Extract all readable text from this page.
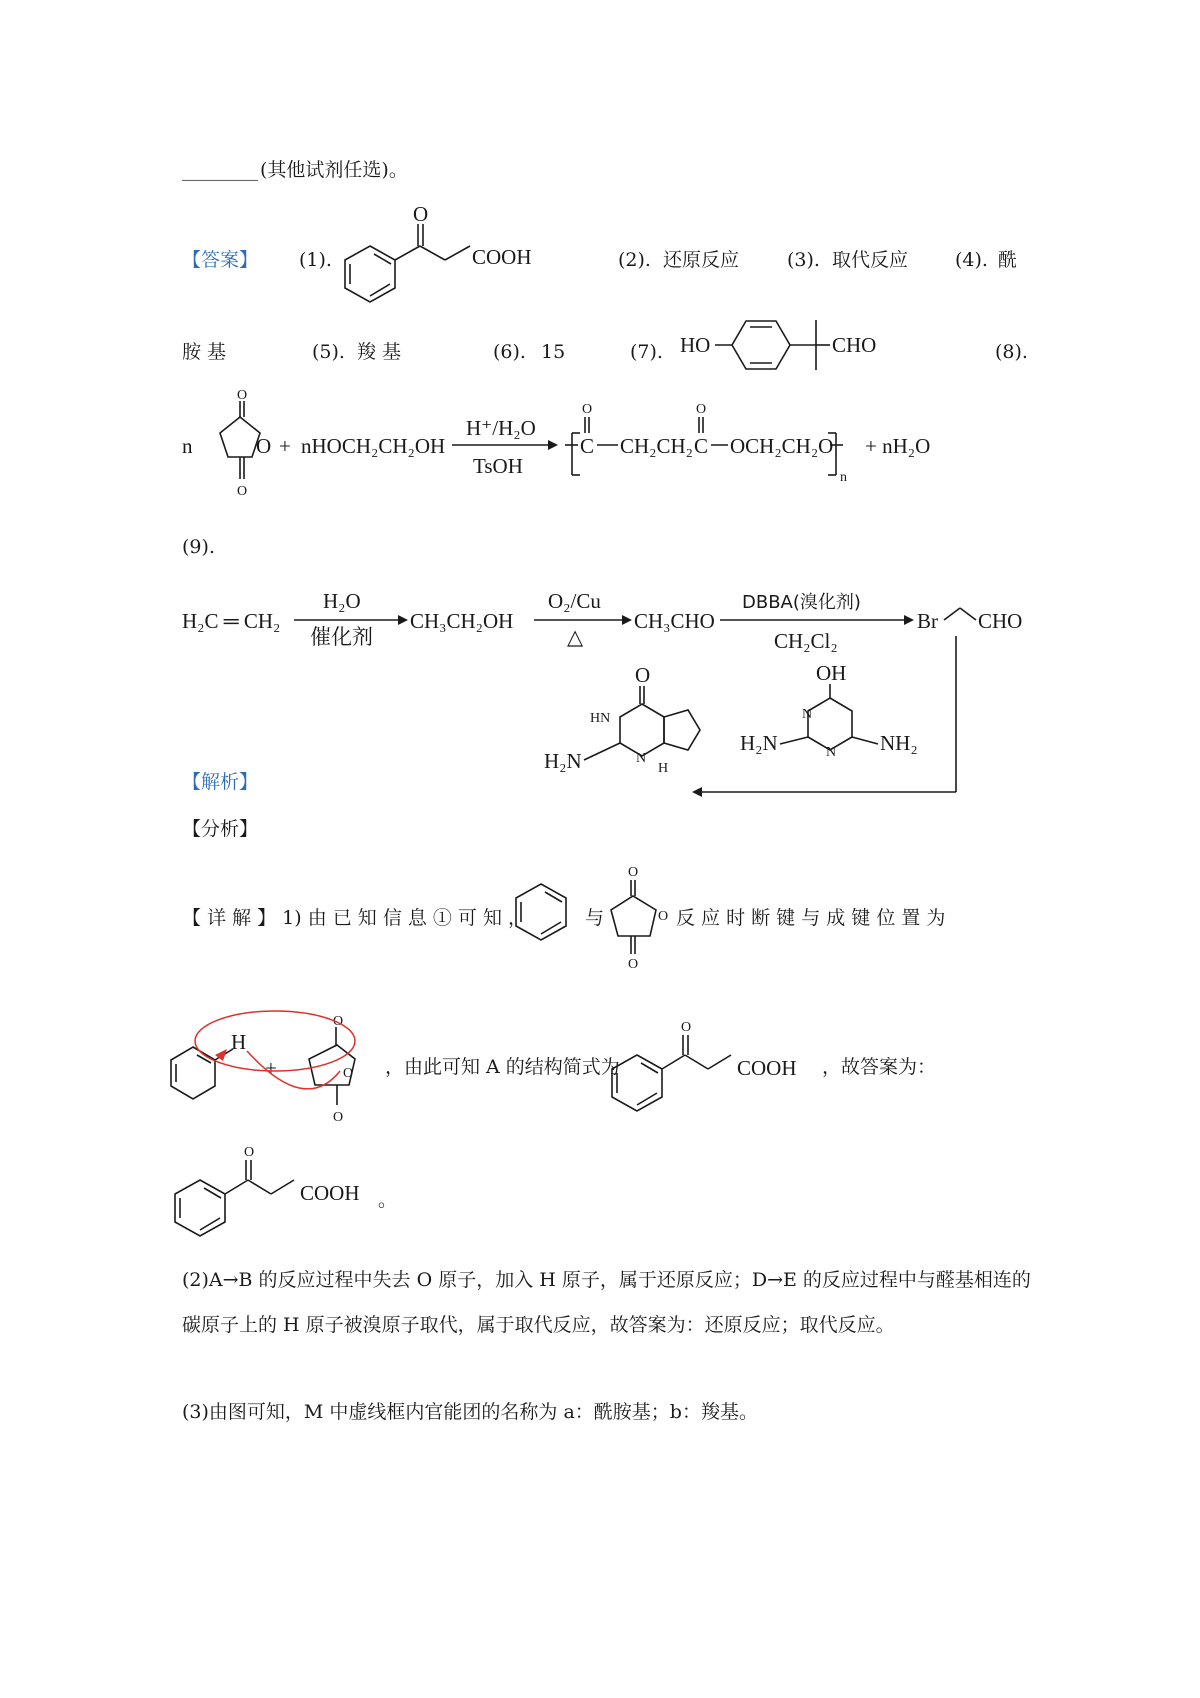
________ (其他试剂任选)。
【答案】 (1).
O
COOH	(2). 还原反应	(3). 取代反应 (4). 酰
胺 基	(5). 羧 基	(6). 15	(7). HO	CHO	(8).
n
O
O
O
+ nHOCH₂CH₂OH
H⁺/H₂O
TsOH
C
O
CH₂CH₂ C
O
OCH₂CH₂O
n
+ nH₂O
(9).
H₂C ═ CH₂
H₂O
催化剂
CH₃CH₂OH
O₂/Cu
△
CH₃CHO
DBBA(溴化剂)
CH₂Cl₂
Br CHO
OH
N
N
H₂N	NH₂
O
HN
N
H
H₂N
【解析】
【分析】
【 详 解 】 1) 由 已 知 信 息 ① 可 知 ，	与
O
O
O
反 应 时 断 键 与 成 键 位 置 为
H
+
O
O
O
，由此可知 A 的结构简式为
O
COOH ，故答案为：
O
COOH 。
(2)A→B 的反应过程中失去 O 原子，加入 H 原子，属于还原反应；D→E 的反应过程中与醛基相连的碳原子上的 H 原子被溴原子取代，属于取代反应，故答案为：还原反应；取代反应。
(3)由图可知，M 中虚线框内官能团的名称为 a：酰胺基；b：羧基。
